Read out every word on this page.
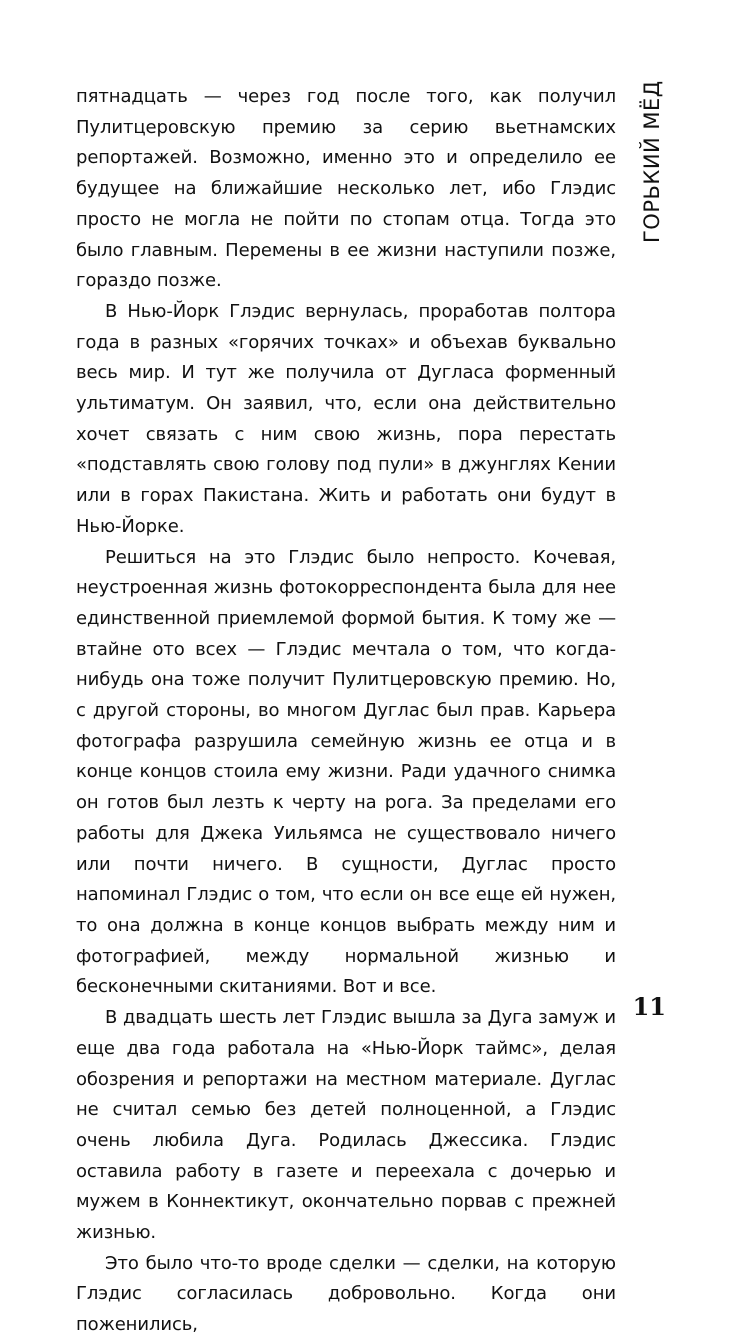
ГОРЬКИЙ МЁД

пятнадцать — через год после того, как получил Пулитцеровскую премию за серию вьетнамских репортажей. Возможно, именно это и определило ее будущее на ближайшие несколько лет, ибо Глэдис просто не могла не пойти по стопам отца. Тогда это было главным. Перемены в ее жизни наступили позже, гораздо позже.

В Нью-Йорк Глэдис вернулась, проработав полтора года в разных «горячих точках» и объехав буквально весь мир. И тут же получила от Дугласа форменный ультиматум. Он заявил, что, если она действительно хочет связать с ним свою жизнь, пора перестать «подставлять свою голову под пули» в джунглях Кении или в горах Пакистана. Жить и работать они будут в Нью-Йорке.

Решиться на это Глэдис было непросто. Кочевая, неустроенная жизнь фотокорреспондента была для нее единственной приемлемой формой бытия. К тому же — втайне ото всех — Глэдис мечтала о том, что когда-нибудь она тоже получит Пулитцеровскую премию. Но, с другой стороны, во многом Дуглас был прав. Карьера фотографа разрушила семейную жизнь ее отца и в конце концов стоила ему жизни. Ради удачного снимка он готов был лезть к черту на рога. За пределами его работы для Джека Уильямса не существовало ничего или почти ничего. В сущности, Дуглас просто напоминал Глэдис о том, что если он все еще ей нужен, то она должна в конце концов выбрать между ним и фотографией, между нормальной жизнью и бесконечными скитаниями. Вот и все.

В двадцать шесть лет Глэдис вышла за Дуга замуж и еще два года работала на «Нью-Йорк таймс», делая обозрения и репортажи на местном материале. Дуглас не считал семью без детей полноценной, а Глэдис очень любила Дуга. Родилась Джессика. Глэдис оставила работу в газете и переехала с дочерью и мужем в Коннектикут, окончательно порвав с прежней жизнью.

Это было что-то вроде сделки — сделки, на которую Глэдис согласилась добровольно. Когда они поженились,

11
